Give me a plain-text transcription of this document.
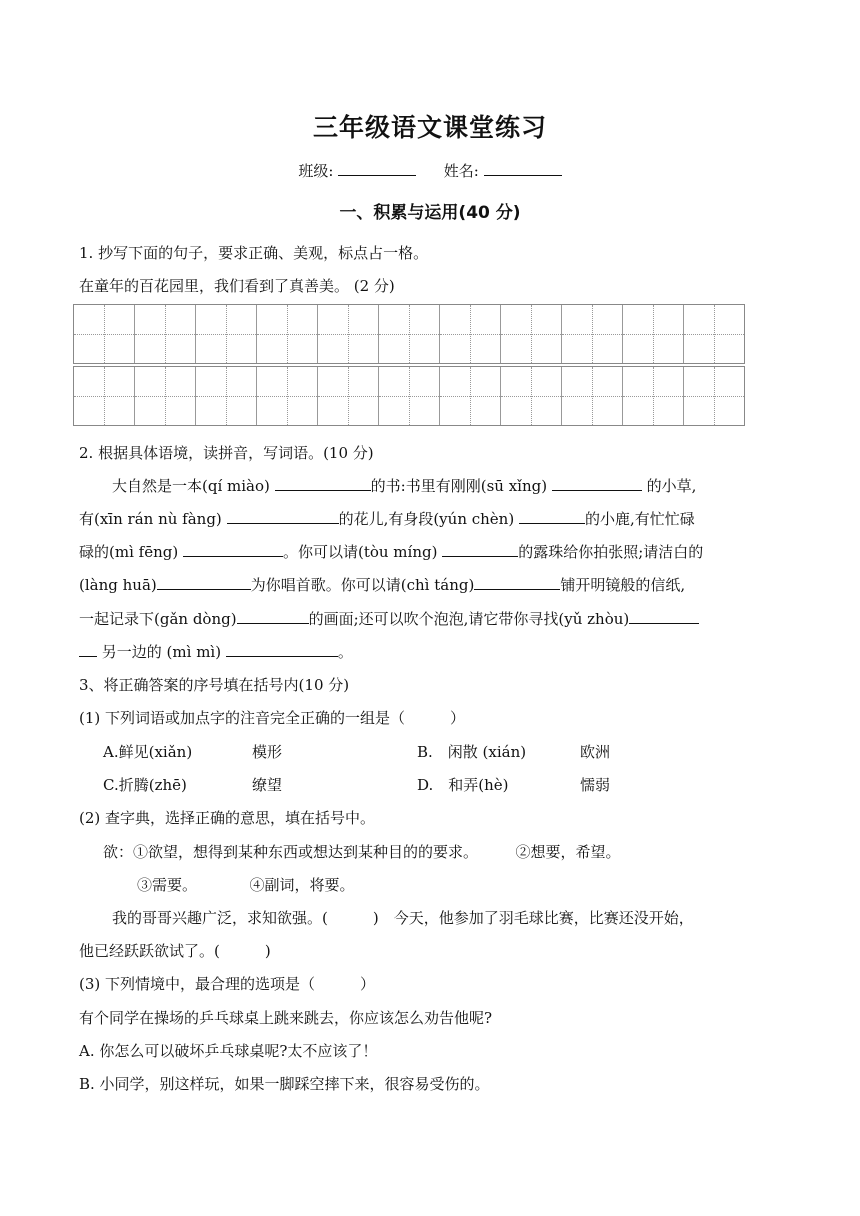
三年级语文课堂练习
班级:	姓名:
一、积累与运用(40 分)
1. 抄写下面的句子，要求正确、美观，标点占一格。
在童年的百花园里，我们看到了真善美。 (2 分)
2. 根据具体语境，读拼音，写词语。(10 分)
大自然是一本(qí miào)	的书:书里有刚刚(sū xǐng)	的小草,
有(xīn rán nù fàng)	的花儿,有身段(yún chèn)	的小鹿,有忙忙碌
碌的(mì fēng)	。你可以请(tòu míng)	的露珠给你拍张照;请洁白的
(làng huā)	为你唱首歌。你可以请(chì táng)	铺开明镜般的信纸,
一起记录下(gǎn dòng)	的画面;还可以吹个泡泡,请它带你寻找(yǔ zhòu)
另一边的 (mì mì)	。
3、将正确答案的序号填在括号内(10 分)
(1) 下列词语或加点字的注音完全正确的一组是（　　　）
A.鲜见(xiǎn)	模形	B.　闲散 (xián)	欧洲
C.折腾(zhē)	缭望	D.　和弄(hè)	懦弱
(2) 查字典，选择正确的意思，填在括号中。
欲：①欲望，想得到某种东西或想达到某种目的的要求。　　　②想要，希望。
③需要。　　　　④副词，将要。
我的哥哥兴趣广泛，求知欲强。(　　　)　今天，他参加了羽毛球比赛，比赛还没开始，
他已经跃跃欲试了。(　　　)
(3) 下列情境中，最合理的选项是（　　　）
有个同学在操场的乒乓球桌上跳来跳去，你应该怎么劝告他呢?
A. 你怎么可以破坏乒乓球桌呢?太不应该了！
B. 小同学，别这样玩，如果一脚踩空摔下来，很容易受伤的。
